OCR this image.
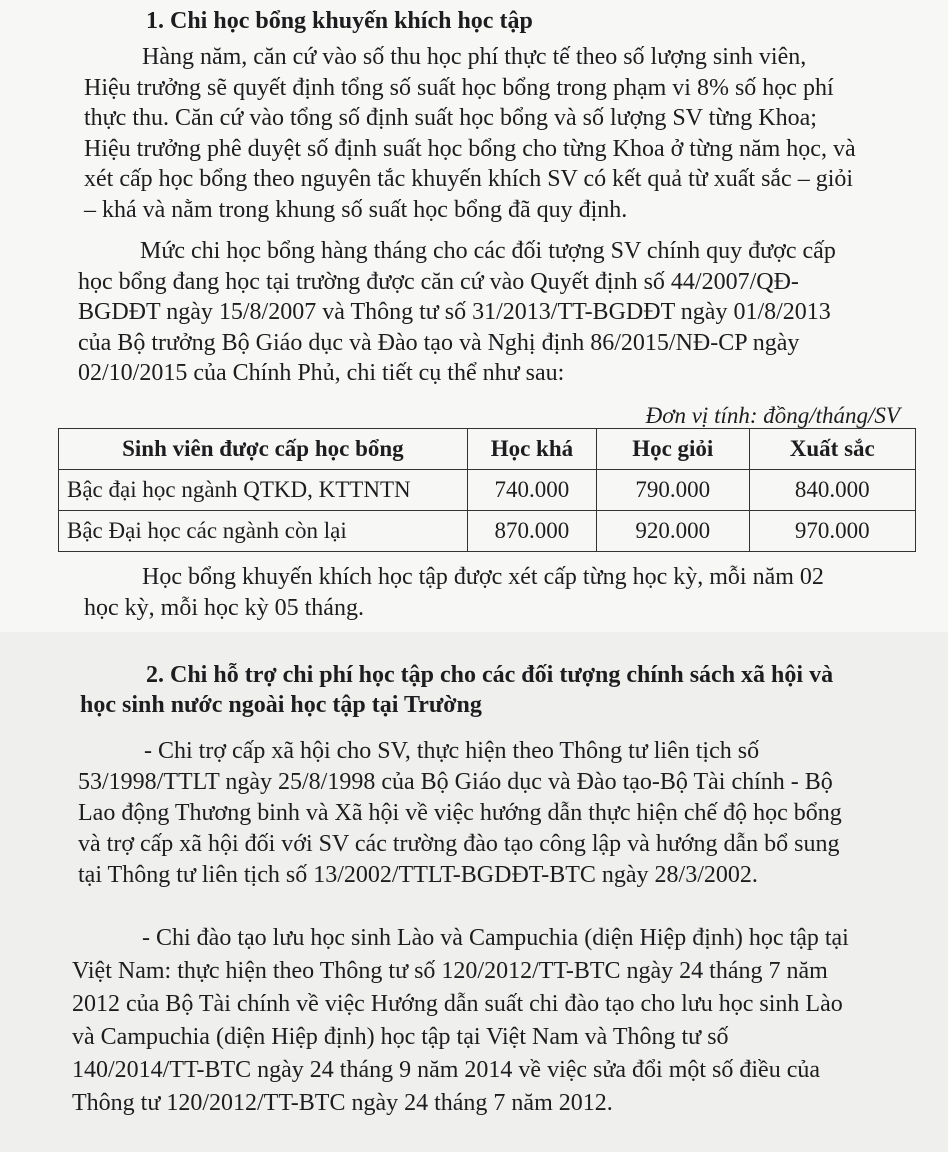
1. Chi học bổng khuyến khích học tập

Hàng năm, căn cứ vào số thu học phí thực tế theo số lượng sinh viên,
Hiệu trưởng sẽ quyết định tổng số suất học bổng trong phạm vi 8% số học phí
thực thu. Căn cứ vào tổng số định suất học bổng và số lượng SV từng Khoa;
Hiệu trưởng phê duyệt số định suất học bổng cho từng Khoa ở từng năm học, và
xét cấp học bổng theo nguyên tắc khuyến khích SV có kết quả từ xuất sắc – giỏi
– khá và nằm trong khung số suất học bổng đã quy định.

Mức chi học bổng hàng tháng cho các đối tượng SV chính quy được cấp
học bổng đang học tại trường được căn cứ vào Quyết định số 44/2007/QĐ-
BGDĐT ngày 15/8/2007 và Thông tư số 31/2013/TT-BGDĐT ngày 01/8/2013
của Bộ trưởng Bộ Giáo dục và Đào tạo và Nghị định 86/2015/NĐ-CP ngày
02/10/2015 của Chính Phủ, chi tiết cụ thể như sau:

Đơn vị tính: đồng/tháng/SV
Sinh viên được cấp học bổng	Học khá	Học giỏi	Xuất sắc
Bậc đại học ngành QTKD, KTTNTN	740.000	790.000	840.000
Bậc Đại học các ngành còn lại	870.000	920.000	970.000

Học bổng khuyến khích học tập được xét cấp từng học kỳ, mỗi năm 02
học kỳ, mỗi học kỳ 05 tháng.

2. Chi hỗ trợ chi phí học tập cho các đối tượng chính sách xã hội và
học sinh nước ngoài học tập tại Trường

- Chi trợ cấp xã hội cho SV, thực hiện theo Thông tư liên tịch số
53/1998/TTLT ngày 25/8/1998 của Bộ Giáo dục và Đào tạo-Bộ Tài chính - Bộ
Lao động Thương binh và Xã hội về việc hướng dẫn thực hiện chế độ học bổng
và trợ cấp xã hội đối với SV các trường đào tạo công lập và hướng dẫn bổ sung
tại Thông tư liên tịch số 13/2002/TTLT-BGDĐT-BTC ngày 28/3/2002.

- Chi đào tạo lưu học sinh Lào và Campuchia (diện Hiệp định) học tập tại
Việt Nam: thực hiện theo Thông tư số 120/2012/TT-BTC ngày 24 tháng 7 năm
2012 của Bộ Tài chính về việc Hướng dẫn suất chi đào tạo cho lưu học sinh Lào
và Campuchia (diện Hiệp định) học tập tại Việt Nam và Thông tư số
140/2014/TT-BTC ngày 24 tháng 9 năm 2014 về việc sửa đổi một số điều của
Thông tư 120/2012/TT-BTC ngày 24 tháng 7 năm 2012.
